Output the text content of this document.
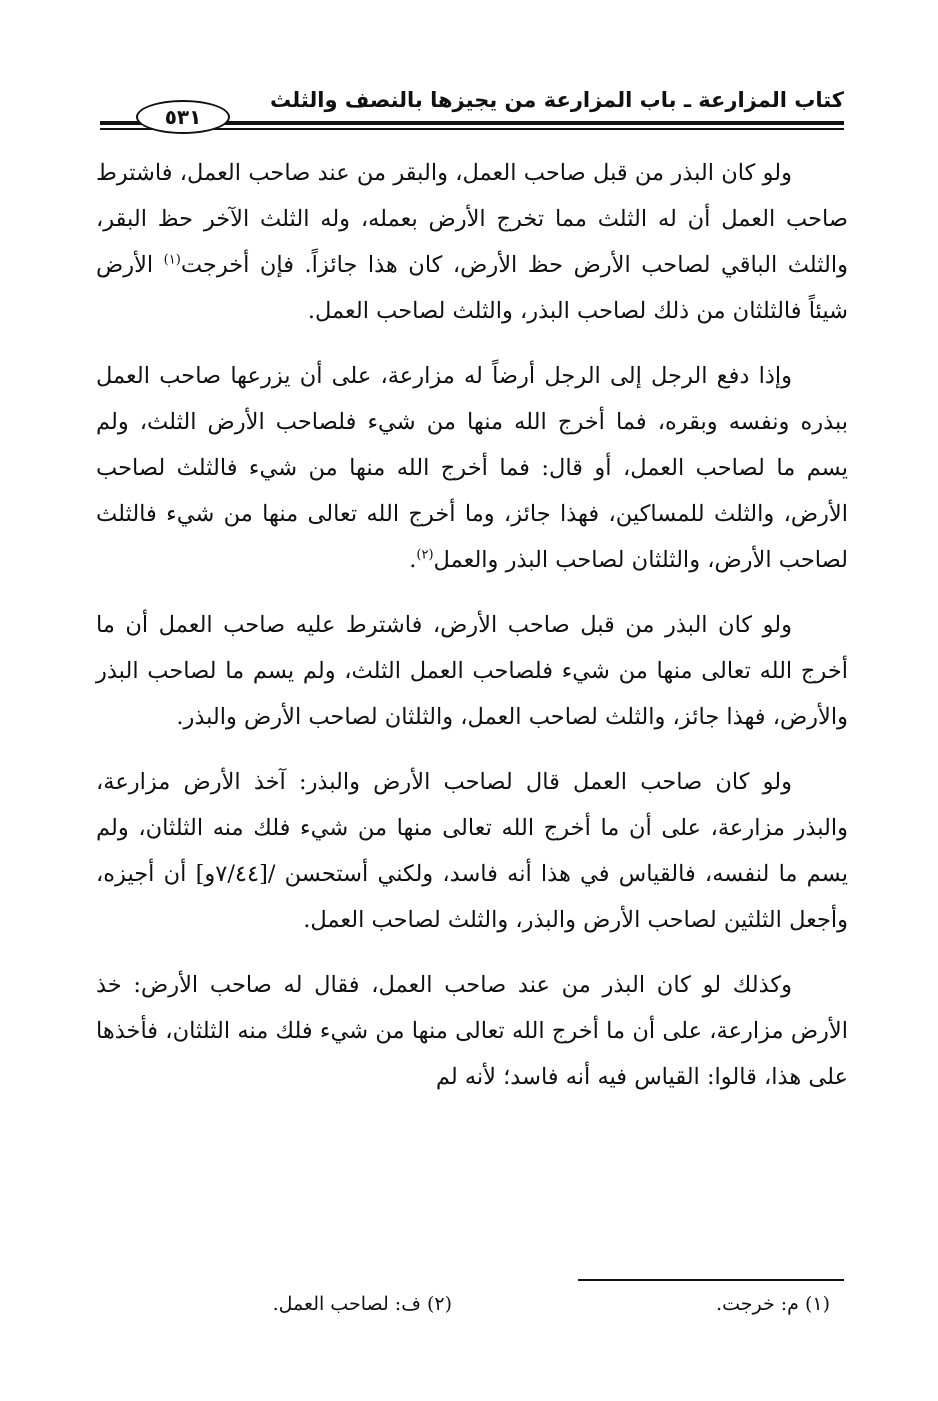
كتاب المزارعة ـ باب المزارعة من يجيزها بالنصف والثلث
٥٣١

ولو كان البذر من قبل صاحب العمل، والبقر من عند صاحب العمل، فاشترط صاحب العمل أن له الثلث مما تخرج الأرض بعمله، وله الثلث الآخر حظ البقر، والثلث الباقي لصاحب الأرض حظ الأرض، كان هذا جائزاً. فإن أخرجت$^{(١)}$ الأرض شيئاً فالثلثان من ذلك لصاحب البذر، والثلث لصاحب العمل.

وإذا دفع الرجل إلى الرجل أرضاً له مزارعة، على أن يزرعها صاحب العمل ببذره ونفسه وبقره، فما أخرج الله منها من شيء فلصاحب الأرض الثلث، ولم يسم ما لصاحب العمل، أو قال: فما أخرج الله منها من شيء فالثلث لصاحب الأرض، والثلث للمساكين، فهذا جائز، وما أخرج الله تعالى منها من شيء فالثلث لصاحب الأرض، والثلثان لصاحب البذر والعمل$^{(٢)}$.

ولو كان البذر من قبل صاحب الأرض، فاشترط عليه صاحب العمل أن ما أخرج الله تعالى منها من شيء فلصاحب العمل الثلث، ولم يسم ما لصاحب البذر والأرض، فهذا جائز، والثلث لصاحب العمل، والثلثان لصاحب الأرض والبذر.

ولو كان صاحب العمل قال لصاحب الأرض والبذر: آخذ الأرض مزارعة، والبذر مزارعة، على أن ما أخرج الله تعالى منها من شيء فلك منه الثلثان، ولم يسم ما لنفسه، فالقياس في هذا أنه فاسد، ولكني أستحسن /[٧/٤٤و] أن أجيزه، وأجعل الثلثين لصاحب الأرض والبذر، والثلث لصاحب العمل.

وكذلك لو كان البذر من عند صاحب العمل، فقال له صاحب الأرض: خذ الأرض مزارعة، على أن ما أخرج الله تعالى منها من شيء فلك منه الثلثان، فأخذها على هذا، قالوا: القياس فيه أنه فاسد؛ لأنه لم

(١) م: خرجت.
(٢) ف: لصاحب العمل.
